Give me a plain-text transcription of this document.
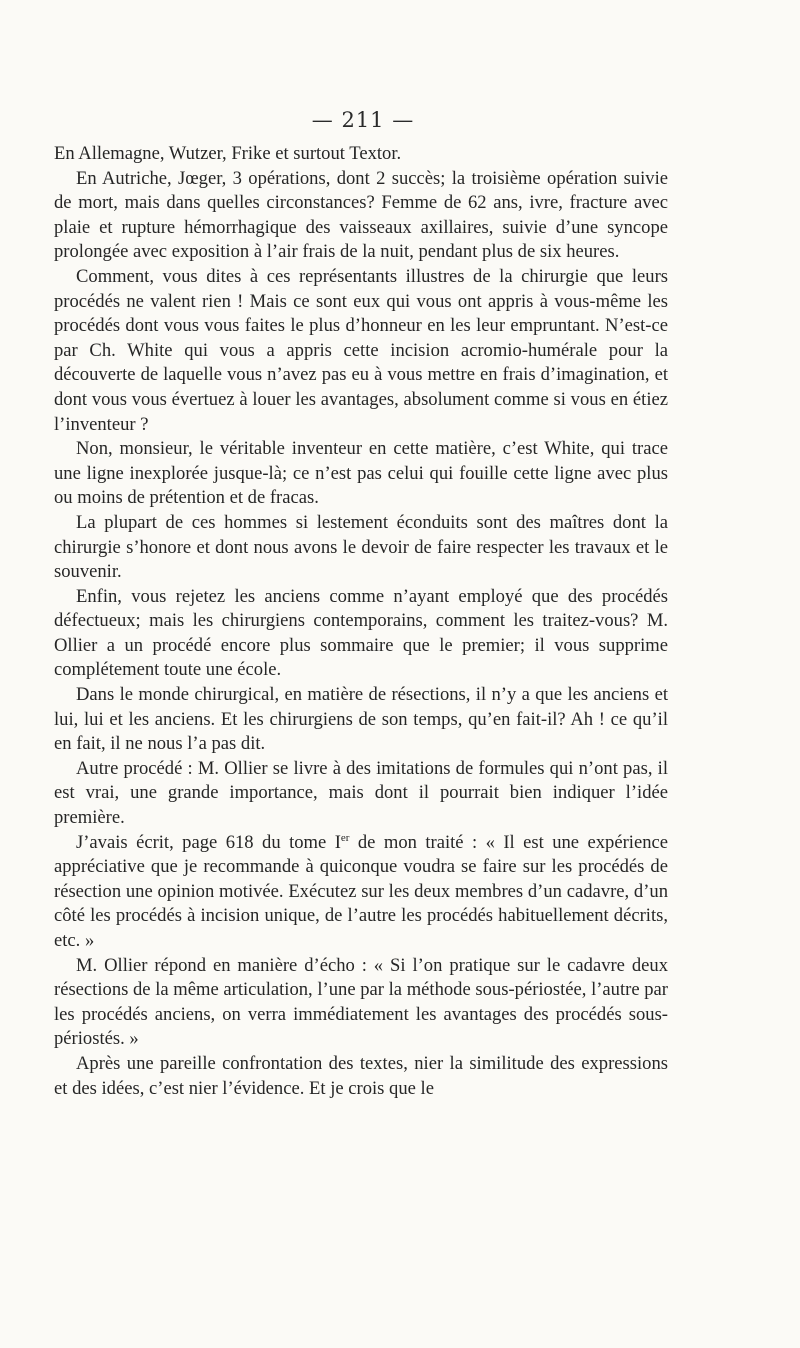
— 211 —

En Allemagne, Wutzer, Frike et surtout Textor.

En Autriche, Jœger, 3 opérations, dont 2 succès; la troisième opération suivie de mort, mais dans quelles circonstances? Femme de 62 ans, ivre, fracture avec plaie et rupture hémorrhagique des vaisseaux axillaires, suivie d’une syncope prolongée avec exposition à l’air frais de la nuit, pendant plus de six heures.

Comment, vous dites à ces représentants illustres de la chirurgie que leurs procédés ne valent rien ! Mais ce sont eux qui vous ont appris à vous-même les procédés dont vous vous faites le plus d’honneur en les leur empruntant. N’est-ce par Ch. White qui vous a appris cette incision acromio-humérale pour la découverte de laquelle vous n’avez pas eu à vous mettre en frais d’imagination, et dont vous vous évertuez à louer les avantages, absolument comme si vous en étiez l’inventeur ?

Non, monsieur, le véritable inventeur en cette matière, c’est White, qui trace une ligne inexplorée jusque-là; ce n’est pas celui qui fouille cette ligne avec plus ou moins de prétention et de fracas.

La plupart de ces hommes si lestement éconduits sont des maîtres dont la chirurgie s’honore et dont nous avons le devoir de faire respecter les travaux et le souvenir.

Enfin, vous rejetez les anciens comme n’ayant employé que des procédés défectueux; mais les chirurgiens contemporains, comment les traitez-vous? M. Ollier a un procédé encore plus sommaire que le premier; il vous supprime complétement toute une école.

Dans le monde chirurgical, en matière de résections, il n’y a que les anciens et lui, lui et les anciens. Et les chirurgiens de son temps, qu’en fait-il? Ah ! ce qu’il en fait, il ne nous l’a pas dit.

Autre procédé : M. Ollier se livre à des imitations de formules qui n’ont pas, il est vrai, une grande importance, mais dont il pourrait bien indiquer l’idée première.

J’avais écrit, page 618 du tome Ier de mon traité : « Il est une expérience appréciative que je recommande à quiconque voudra se faire sur les procédés de résection une opinion motivée. Exécutez sur les deux membres d’un cadavre, d’un côté les procédés à incision unique, de l’autre les procédés habituellement décrits, etc. »

M. Ollier répond en manière d’écho : « Si l’on pratique sur le cadavre deux résections de la même articulation, l’une par la méthode sous-périostée, l’autre par les procédés anciens, on verra immédiatement les avantages des procédés sous-périostés. »

Après une pareille confrontation des textes, nier la similitude des expressions et des idées, c’est nier l’évidence. Et je crois que le
